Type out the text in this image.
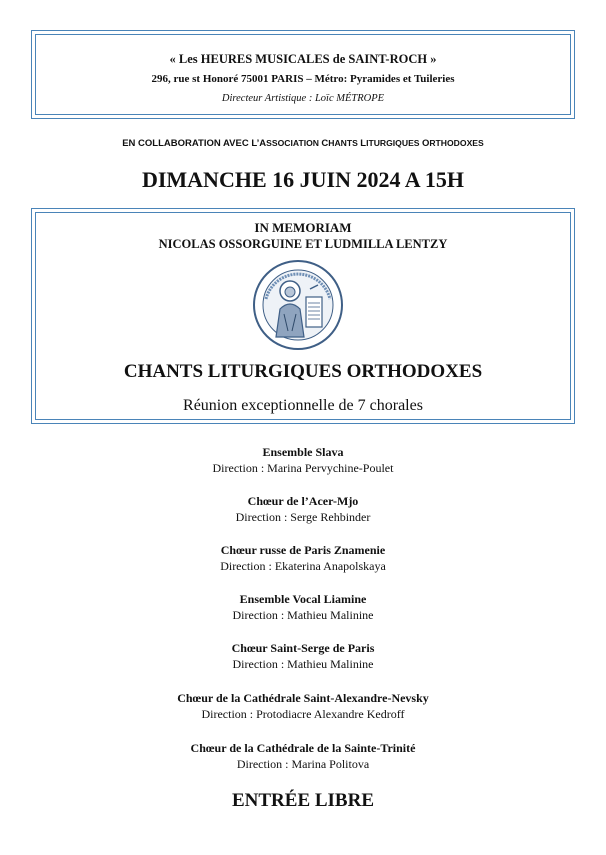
« Les HEURES MUSICALES de SAINT-ROCH »
296, rue st Honoré 75001 PARIS – Métro: Pyramides et Tuileries
Directeur Artistique : Loïc MÉTROPE
EN COLLABORATION AVEC L’ASSOCIATION CHANTS LITURGIQUES ORTHODOXES
DIMANCHE 16 JUIN 2024 A 15H
IN MEMORIAM
NICOLAS OSSORGUINE ET LUDMILLA LENTZY
CHANTS LITURGIQUES ORTHODOXES
Réunion exceptionnelle de 7 chorales
Ensemble Slava
Direction : Marina Pervychine-Poulet
Chœur de l’Acer-Mjo
Direction : Serge Rehbinder
Chœur russe de Paris Znamenie
Direction : Ekaterina Anapolskaya
Ensemble Vocal Liamine
Direction : Mathieu Malinine
Chœur Saint-Serge de Paris
Direction : Mathieu Malinine
Chœur de la Cathédrale Saint-Alexandre-Nevsky
Direction : Protodiacre Alexandre Kedroff
Chœur de la Cathédrale de la Sainte-Trinité
Direction : Marina Politova
ENTRÉE LIBRE
